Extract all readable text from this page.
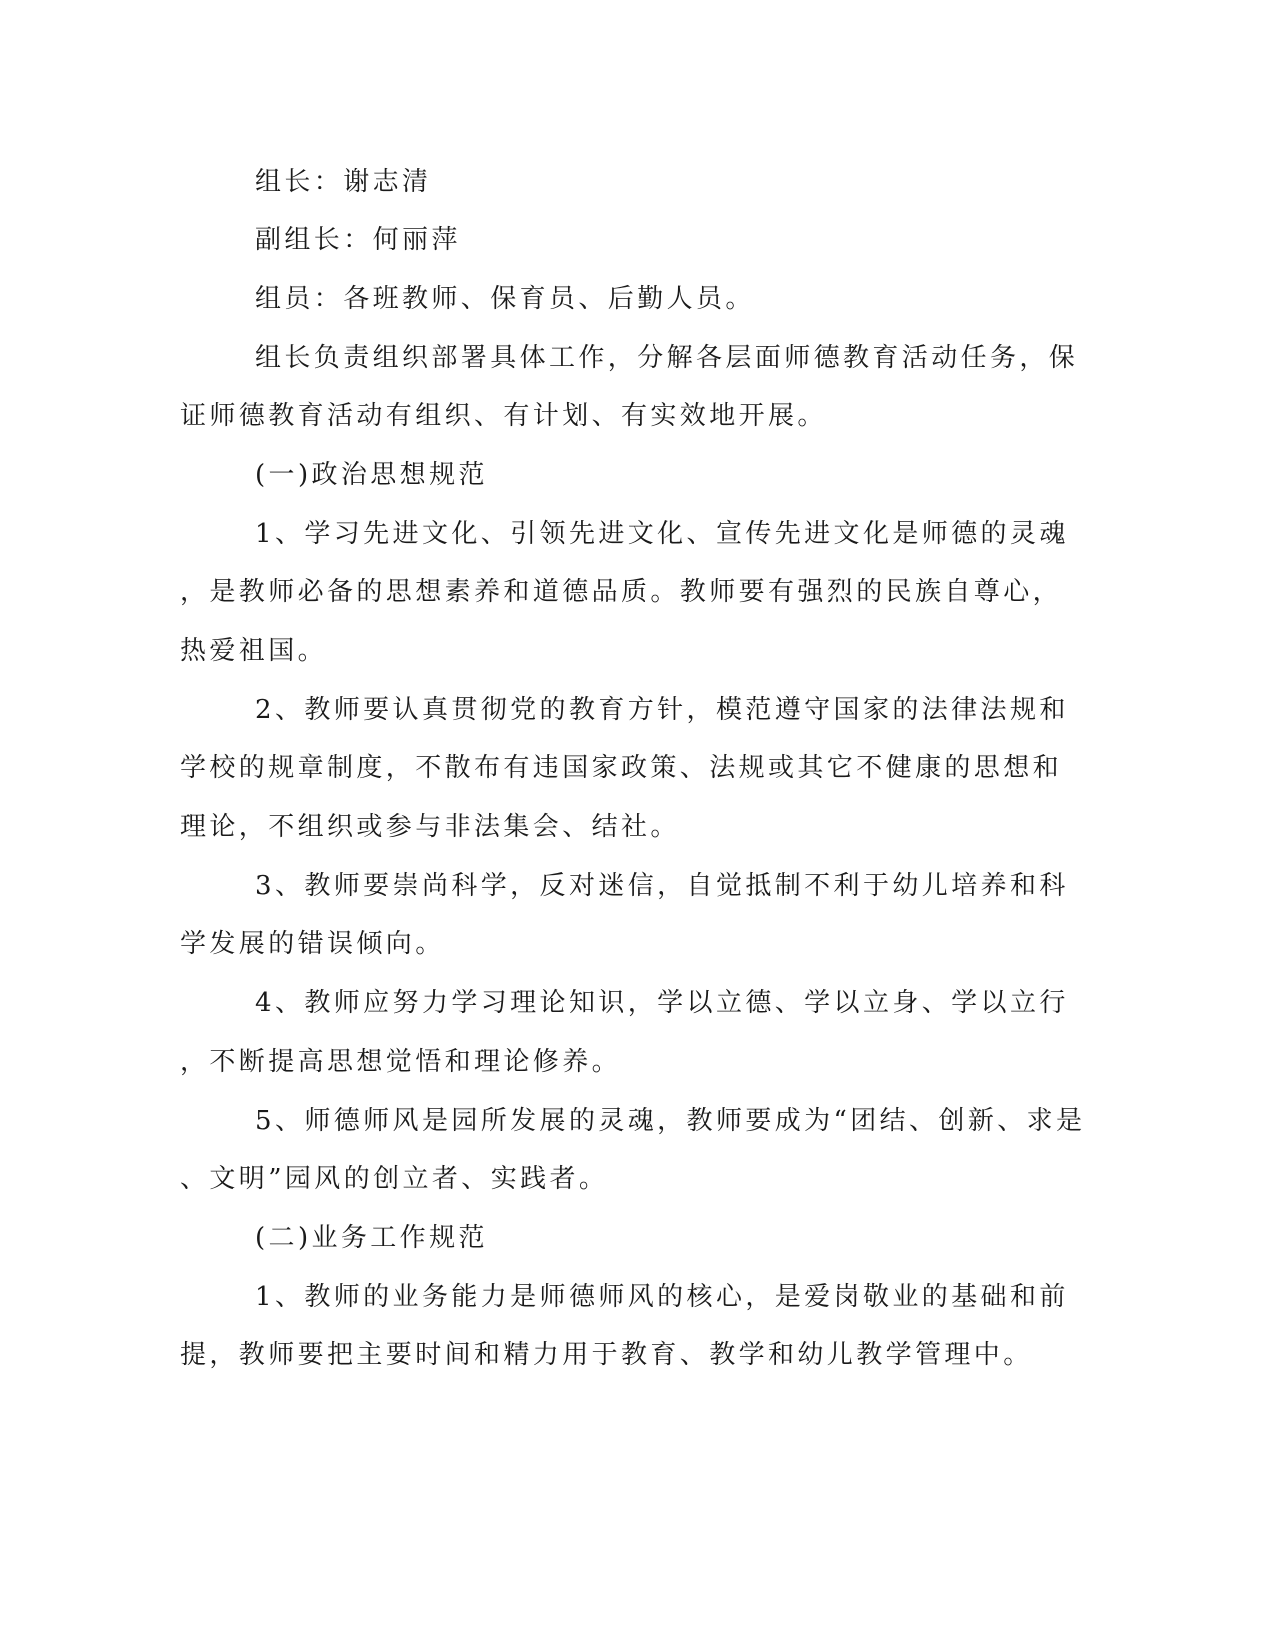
组长：谢志清

副组长：何丽萍

组员：各班教师、保育员、后勤人员。

组长负责组织部署具体工作，分解各层面师德教育活动任务，保

证师德教育活动有组织、有计划、有实效地开展。

(一)政治思想规范

1、学习先进文化、引领先进文化、宣传先进文化是师德的灵魂

，是教师必备的思想素养和道德品质。教师要有强烈的民族自尊心，

热爱祖国。

2、教师要认真贯彻党的教育方针，模范遵守国家的法律法规和

学校的规章制度，不散布有违国家政策、法规或其它不健康的思想和

理论，不组织或参与非法集会、结社。

3、教师要崇尚科学，反对迷信，自觉抵制不利于幼儿培养和科

学发展的错误倾向。

4、教师应努力学习理论知识，学以立德、学以立身、学以立行

，不断提高思想觉悟和理论修养。

5、师德师风是园所发展的灵魂，教师要成为“团结、创新、求是

、文明”园风的创立者、实践者。

(二)业务工作规范

1、教师的业务能力是师德师风的核心，是爱岗敬业的基础和前

提，教师要把主要时间和精力用于教育、教学和幼儿教学管理中。
